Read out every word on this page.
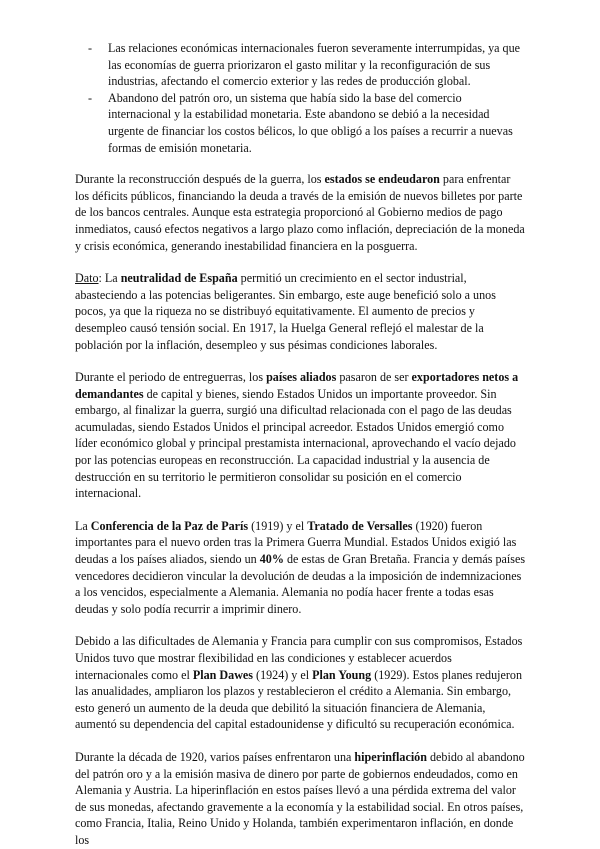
- Las relaciones económicas internacionales fueron severamente interrumpidas, ya que las economías de guerra priorizaron el gasto militar y la reconfiguración de sus industrias, afectando el comercio exterior y las redes de producción global.
- Abandono del patrón oro, un sistema que había sido la base del comercio internacional y la estabilidad monetaria. Este abandono se debió a la necesidad urgente de financiar los costos bélicos, lo que obligó a los países a recurrir a nuevas formas de emisión monetaria.

Durante la reconstrucción después de la guerra, los estados se endeudaron para enfrentar los déficits públicos, financiando la deuda a través de la emisión de nuevos billetes por parte de los bancos centrales. Aunque esta estrategia proporcionó al Gobierno medios de pago inmediatos, causó efectos negativos a largo plazo como inflación, depreciación de la moneda y crisis económica, generando inestabilidad financiera en la posguerra.

Dato: La neutralidad de España permitió un crecimiento en el sector industrial, abasteciendo a las potencias beligerantes. Sin embargo, este auge benefició solo a unos pocos, ya que la riqueza no se distribuyó equitativamente. El aumento de precios y desempleo causó tensión social. En 1917, la Huelga General reflejó el malestar de la población por la inflación, desempleo y sus pésimas condiciones laborales.

Durante el periodo de entreguerras, los países aliados pasaron de ser exportadores netos a demandantes de capital y bienes, siendo Estados Unidos un importante proveedor. Sin embargo, al finalizar la guerra, surgió una dificultad relacionada con el pago de las deudas acumuladas, siendo Estados Unidos el principal acreedor. Estados Unidos emergió como líder económico global y principal prestamista internacional, aprovechando el vacío dejado por las potencias europeas en reconstrucción. La capacidad industrial y la ausencia de destrucción en su territorio le permitieron consolidar su posición en el comercio internacional.

La Conferencia de la Paz de París (1919) y el Tratado de Versalles (1920) fueron importantes para el nuevo orden tras la Primera Guerra Mundial. Estados Unidos exigió las deudas a los países aliados, siendo un 40% de estas de Gran Bretaña. Francia y demás países vencedores decidieron vincular la devolución de deudas a la imposición de indemnizaciones a los vencidos, especialmente a Alemania. Alemania no podía hacer frente a todas esas deudas y solo podía recurrir a imprimir dinero.

Debido a las dificultades de Alemania y Francia para cumplir con sus compromisos, Estados Unidos tuvo que mostrar flexibilidad en las condiciones y establecer acuerdos internacionales como el Plan Dawes (1924) y el Plan Young (1929). Estos planes redujeron las anualidades, ampliaron los plazos y restablecieron el crédito a Alemania. Sin embargo, esto generó un aumento de la deuda que debilitó la situación financiera de Alemania, aumentó su dependencia del capital estadounidense y dificultó su recuperación económica.

Durante la década de 1920, varios países enfrentaron una hiperinflación debido al abandono del patrón oro y a la emisión masiva de dinero por parte de gobiernos endeudados, como en Alemania y Austria. La hiperinflación en estos países llevó a una pérdida extrema del valor de sus monedas, afectando gravemente a la economía y la estabilidad social. En otros países, como Francia, Italia, Reino Unido y Holanda, también experimentaron inflación, en donde los
